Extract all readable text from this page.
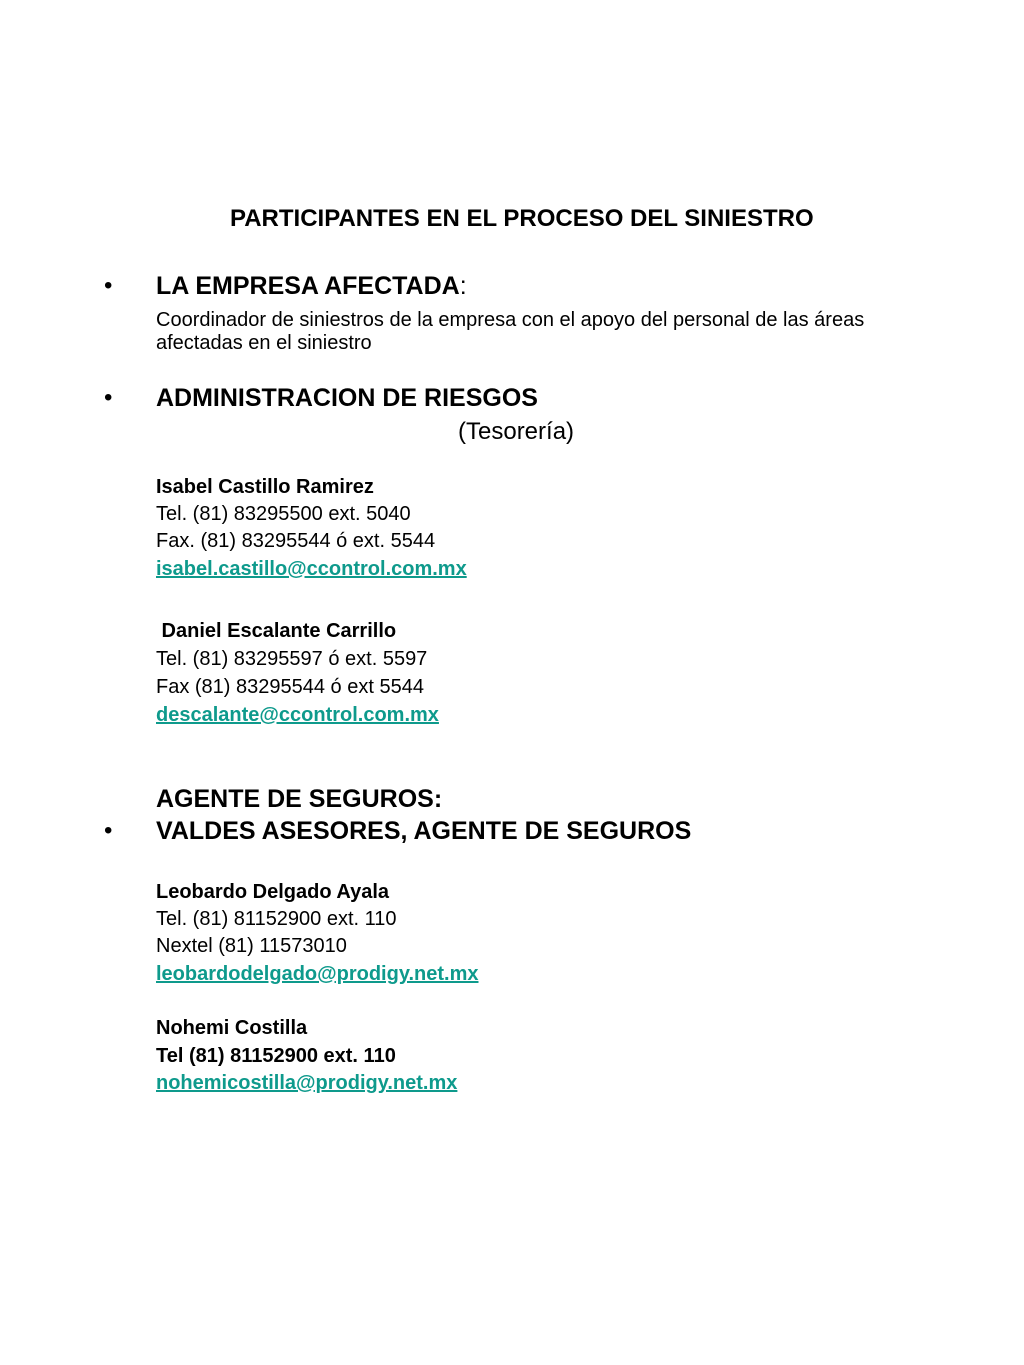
PARTICIPANTES EN EL PROCESO DEL SINIESTRO
• LA EMPRESA AFECTADA:
Coordinador de siniestros de la empresa con el apoyo del personal de las áreas afectadas en el siniestro
• ADMINISTRACION DE RIESGOS
(Tesorería)
Isabel Castillo Ramirez
Tel. (81) 83295500 ext. 5040
Fax. (81) 83295544 ó ext. 5544
isabel.castillo@ccontrol.com.mx
Daniel Escalante Carrillo
Tel. (81) 83295597 ó ext. 5597
Fax (81) 83295544 ó ext 5544
descalante@ccontrol.com.mx
AGENTE DE SEGUROS:
• VALDES ASESORES, AGENTE DE SEGUROS
Leobardo Delgado Ayala
Tel. (81) 81152900 ext. 110
Nextel (81) 11573010
leobardodelgado@prodigy.net.mx
Nohemi Costilla
Tel (81) 81152900 ext. 110
nohemicostilla@prodigy.net.mx
